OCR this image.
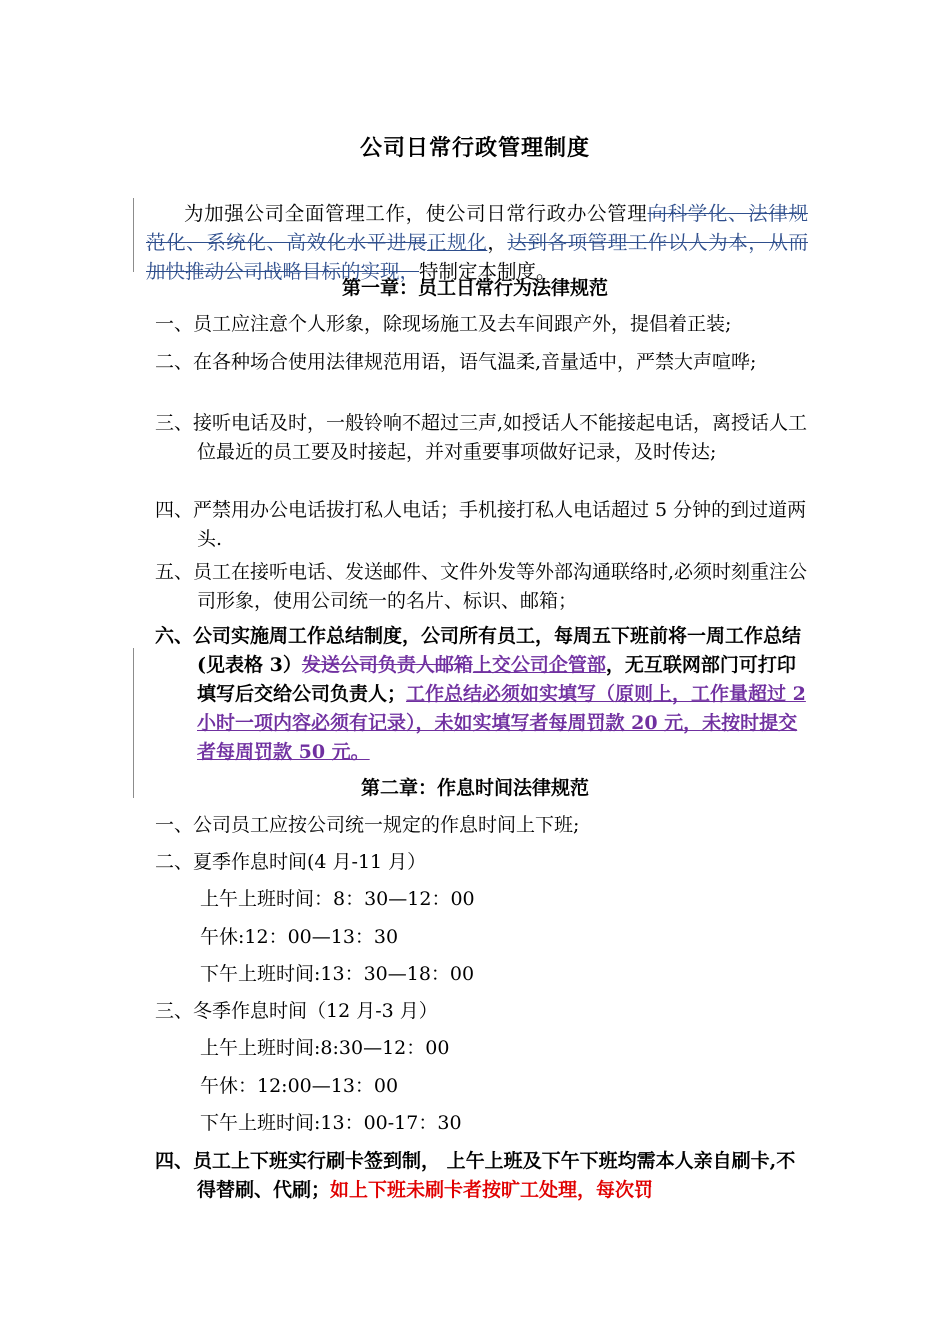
公司日常行政管理制度
为加强公司全面管理工作，使公司日常行政办公管理向科学化、法律规范化、系统化、高效化水平进展正规化，达到各项管理工作以人为本，从而加快推动公司战略目标的实现，特制定本制度。
第一章：员工日常行为法律规范
一、员工应注意个人形象，除现场施工及去车间跟产外，提倡着正装;
二、在各种场合使用法律规范用语，语气温柔,音量适中，严禁大声喧哗;
三、接听电话及时，一般铃响不超过三声,如授话人不能接起电话，离授话人工位最近的员工要及时接起，并对重要事项做好记录，及时传达;
四、严禁用办公电话拔打私人电话；手机接打私人电话超过 5 分钟的到过道两头.
五、员工在接听电话、发送邮件、文件外发等外部沟通联络时,必须时刻重注公司形象，使用公司统一的名片、标识、邮箱；
六、公司实施周工作总结制度，公司所有员工，每周五下班前将一周工作总结(见表格 3）发送公司负责人邮箱上交公司企管部，无互联网部门可打印填写后交给公司负责人；工作总结必须如实填写（原则上，工作量超过 2 小时一项内容必须有记录），未如实填写者每周罚款 20 元，未按时提交者每周罚款 50 元。
第二章：作息时间法律规范
一、公司员工应按公司统一规定的作息时间上下班;
二、夏季作息时间(4 月-11 月）
上午上班时间：8：30—12：00
午休:12：00—13：30
下午上班时间:13：30—18：00
三、冬季作息时间（12 月-3 月）
上午上班时间:8:30—12：00
午休：12:00—13：00
下午上班时间:13：00-17：30
四、员工上下班实行刷卡签到制， 上午上班及下午下班均需本人亲自刷卡,不得替刷、代刷；如上下班未刷卡者按旷工处理，每次罚
